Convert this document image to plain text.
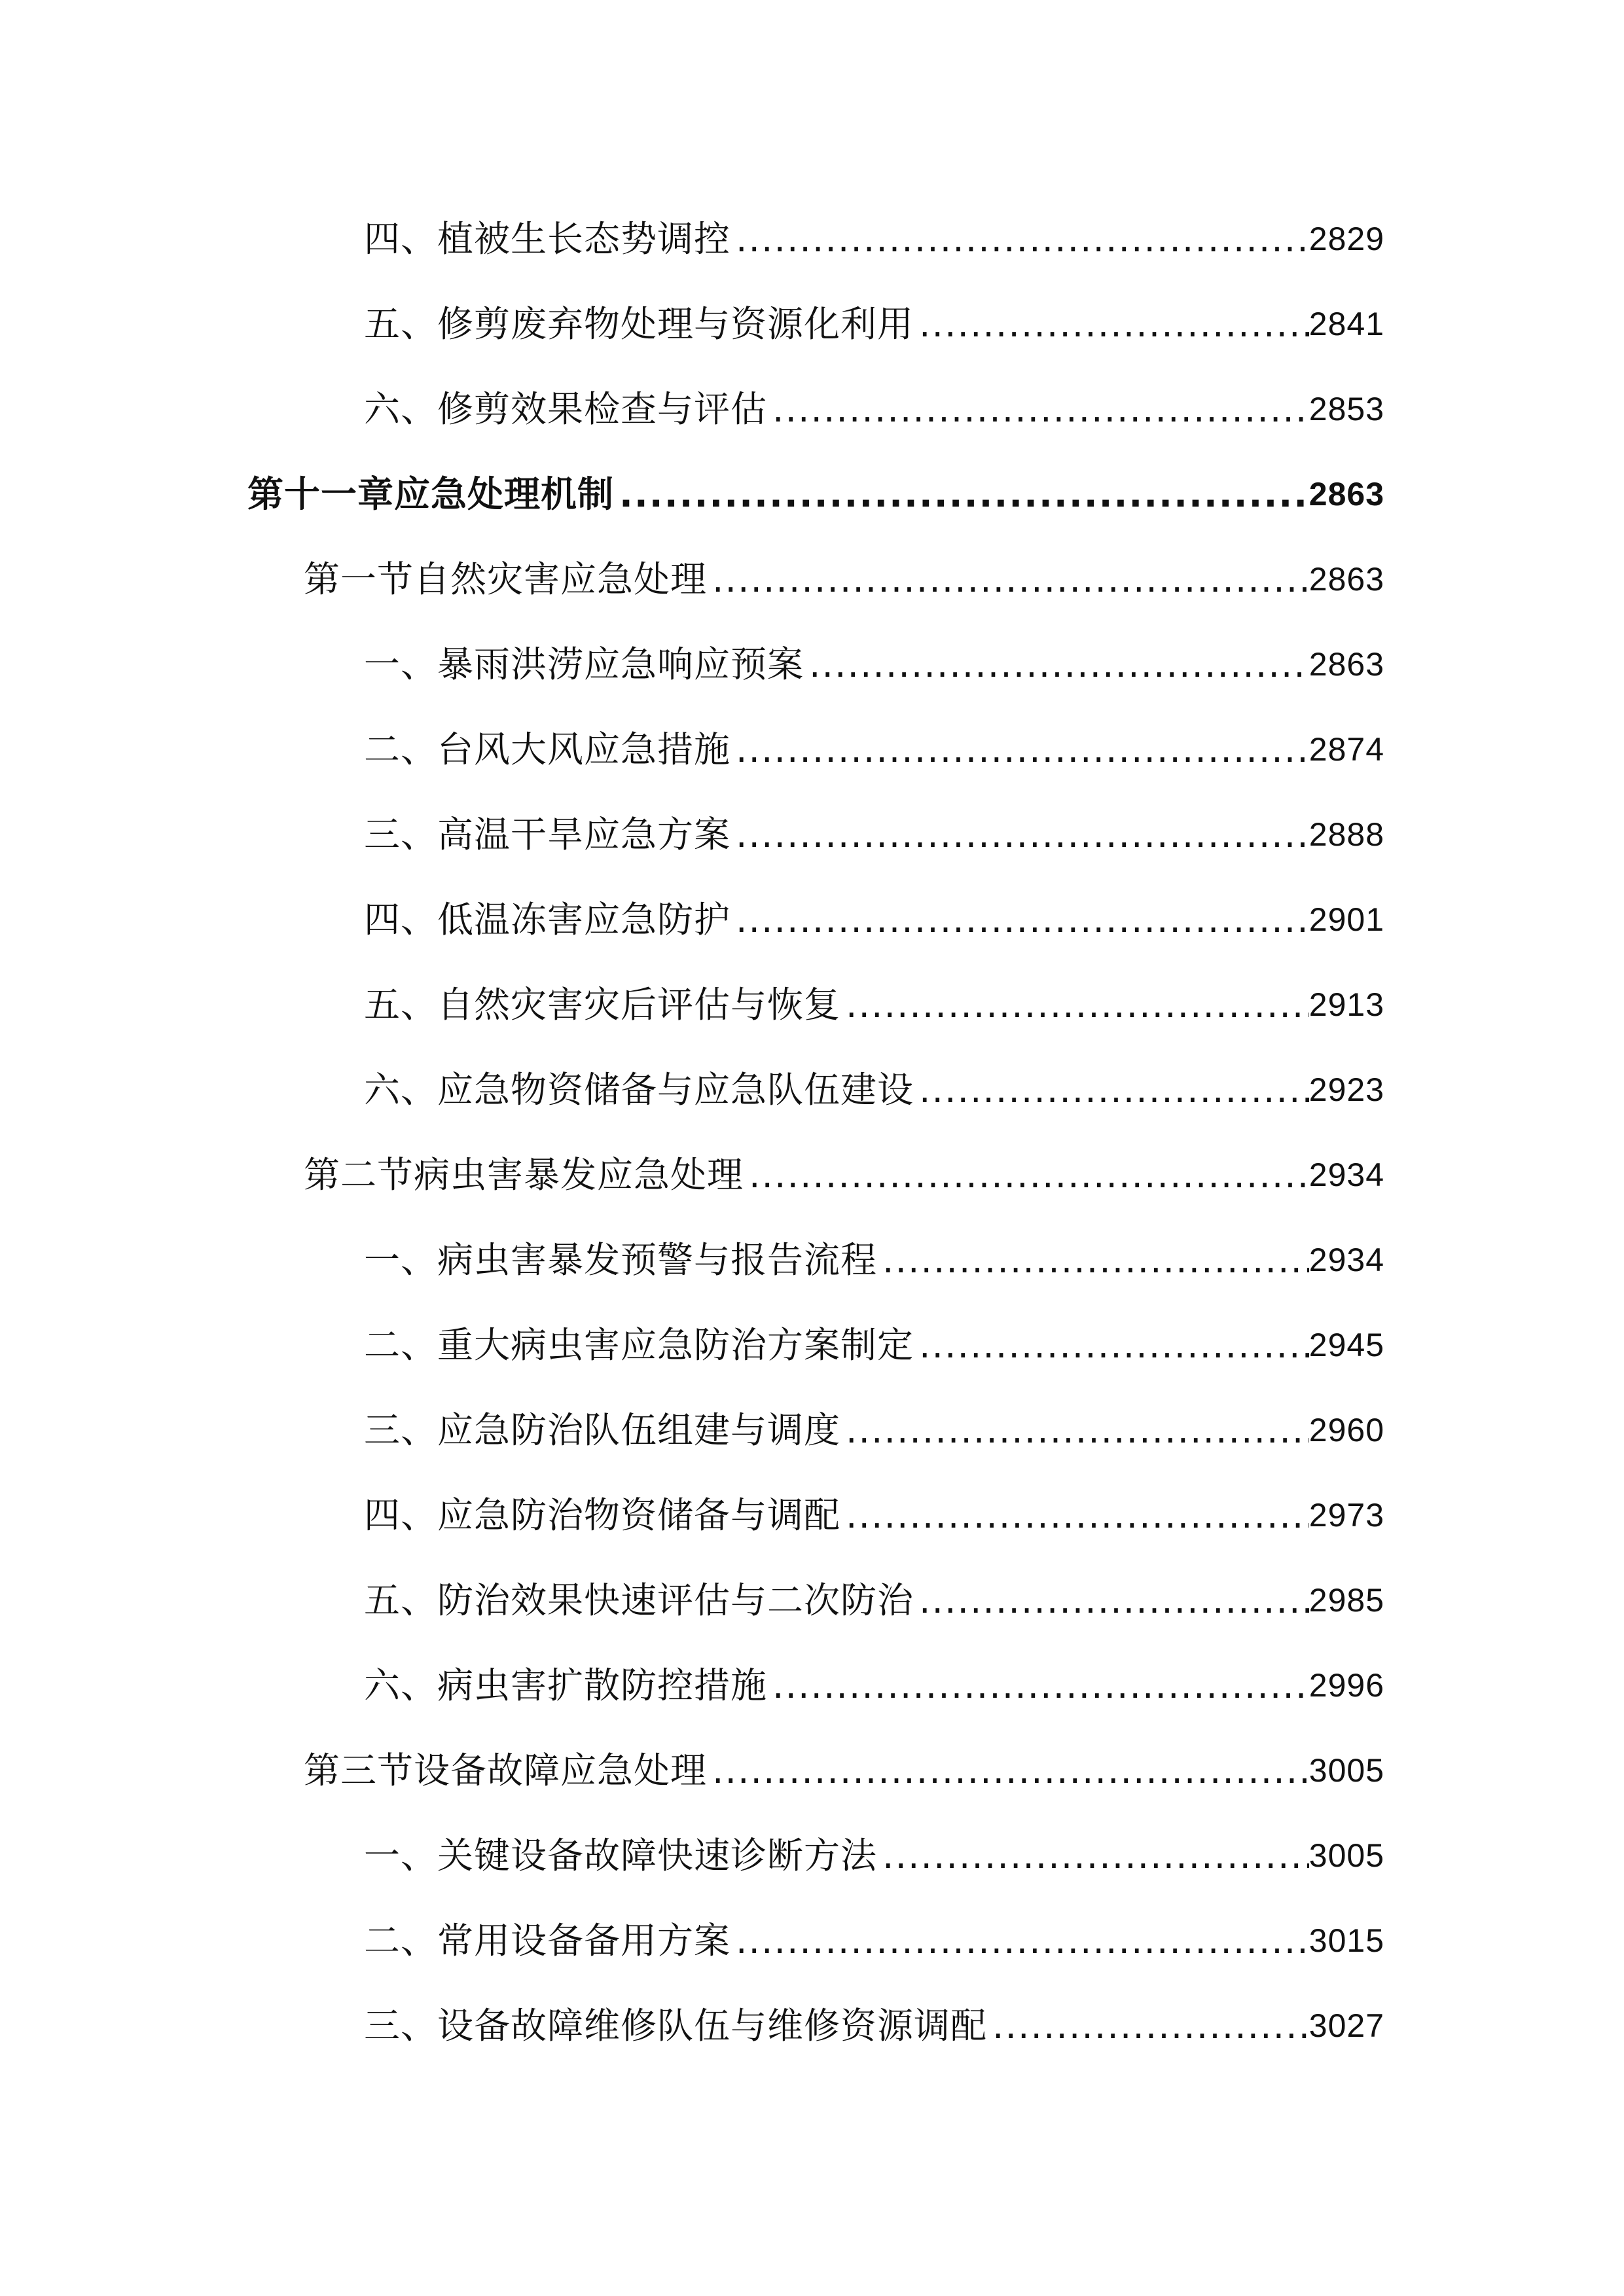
四、植被生长态势调控 .....	2829
五、修剪废弃物处理与资源化利用 .....	2841
六、修剪效果检查与评估 .....	2853
第十一章应急处理机制 .....	2863
第一节自然灾害应急处理 .....	2863
一、暴雨洪涝应急响应预案 .....	2863
二、台风大风应急措施 .....	2874
三、高温干旱应急方案 .....	2888
四、低温冻害应急防护 .....	2901
五、自然灾害灾后评估与恢复 .....	2913
六、应急物资储备与应急队伍建设 .....	2923
第二节病虫害暴发应急处理 .....	2934
一、病虫害暴发预警与报告流程 .....	2934
二、重大病虫害应急防治方案制定 .....	2945
三、应急防治队伍组建与调度 .....	2960
四、应急防治物资储备与调配 .....	2973
五、防治效果快速评估与二次防治 .....	2985
六、病虫害扩散防控措施 .....	2996
第三节设备故障应急处理 .....	3005
一、关键设备故障快速诊断方法 .....	3005
二、常用设备备用方案 .....	3015
三、设备故障维修队伍与维修资源调配 .....	3027
